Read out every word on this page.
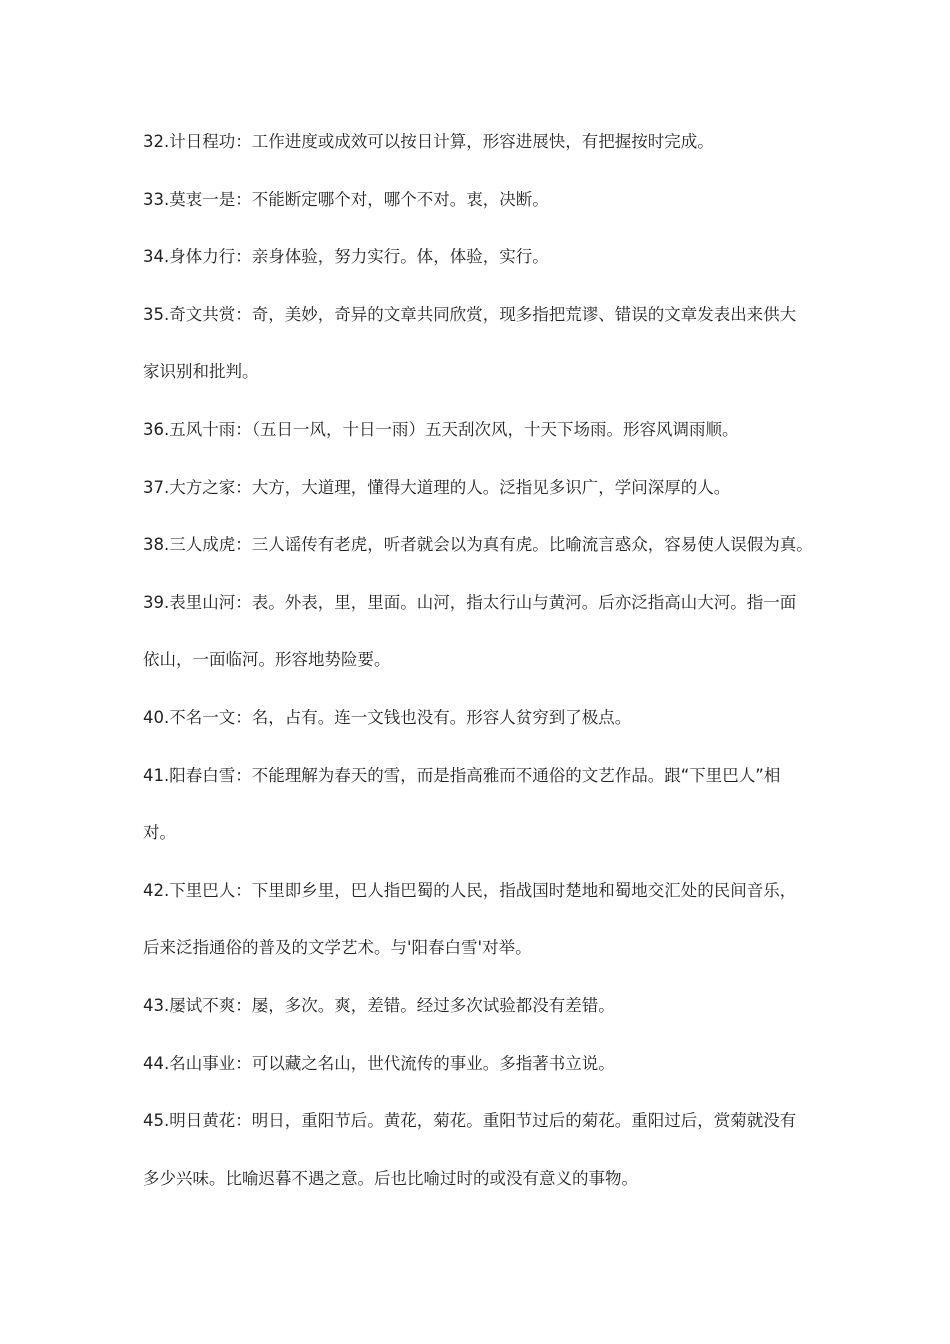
32.计日程功：工作进度或成效可以按日计算，形容进展快，有把握按时完成。
33.莫衷一是：不能断定哪个对，哪个不对。衷，决断。
34.身体力行：亲身体验，努力实行。体，体验，实行。
35.奇文共赏：奇，美妙，奇异的文章共同欣赏，现多指把荒谬、错误的文章发表出来供大
家识别和批判。
36.五风十雨：（五日一风，十日一雨）五天刮次风，十天下场雨。形容风调雨顺。
37.大方之家：大方，大道理，懂得大道理的人。泛指见多识广，学问深厚的人。
38.三人成虎：三人谣传有老虎，听者就会以为真有虎。比喻流言惑众，容易使人误假为真。
39.表里山河：表。外表，里，里面。山河，指太行山与黄河。后亦泛指高山大河。指一面
依山，一面临河。形容地势险要。
40.不名一文：名，占有。连一文钱也没有。形容人贫穷到了极点。
41.阳春白雪：不能理解为春天的雪，而是指高雅而不通俗的文艺作品。跟“下里巴人”相
对。
42.下里巴人：下里即乡里，巴人指巴蜀的人民，指战国时楚地和蜀地交汇处的民间音乐，
后来泛指通俗的普及的文学艺术。与'阳春白雪'对举。
43.屡试不爽：屡，多次。爽，差错。经过多次试验都没有差错。
44.名山事业：可以藏之名山，世代流传的事业。多指著书立说。
45.明日黄花：明日，重阳节后。黄花，菊花。重阳节过后的菊花。重阳过后，赏菊就没有
多少兴味。比喻迟暮不遇之意。后也比喻过时的或没有意义的事物。
